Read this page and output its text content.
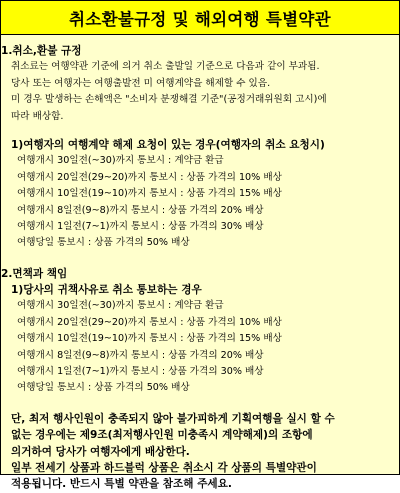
취소환불규정 및 해외여행 특별약관
1.취소,환불 규정
취소료는 여행약관 기준에 의거 취소 출발일 기준으로 다음과 같이 부과됨.
당사 또는 여행자는 여행출발전 미 여행계약을 해제할 수 있음.
미 경우 발생하는 손해액은 "소비자 분쟁해결 기준"(공정거래위원회 고시)에
따라 배상함.
1)여행자의 여행계약 해제 요청이 있는 경우(여행자의 취소 요청시)
여행개시 30일전(~30)까지 통보시 : 계약금 환급
여행개시 20일전(29~20)까지 통보시 : 상품 가격의 10% 배상
여행개시 10일전(19~10)까지 통보시 : 상품 가격의 15% 배상
여행개시 8일전(9~8)까지 통보시 : 상품 가격의 20% 배상
여행개시 1일전(7~1)까지 통보시 : 상품 가격의 30% 배상
여행당일 통보시 : 상품 가격의 50% 배상
2.면책과 책임
1)당사의 귀책사유로 취소 통보하는 경우
여행개시 30일전(~30)까지 통보시 : 계약금 환급
여행개시 20일전(29~20)까지 통보시 : 상품 가격의 10% 배상
여행개시 10일전(19~10)까지 통보시 : 상품 가격의 15% 배상
여행개시 8일전(9~8)까지 통보시 : 상품 가격의 20% 배상
여행개시 1일전(7~1)까지 통보시 : 상품 가격의 30% 배상
여행당일 통보시 : 상품 가격의 50% 배상
단, 최저 행사인원이 충족되지 않아 불가피하게 기획여행을 실시 할 수
없는 경우에는 제9조(최저행사인원 미충족시 계약해제)의 조항에
의거하여 당사가 여행자에게 배상한다.
일부 전세기 상품과 하드블럭 상품은 취소시 각 상품의 특별약관이
적용됩니다. 반드시 특별 약관을 참조해 주세요.
